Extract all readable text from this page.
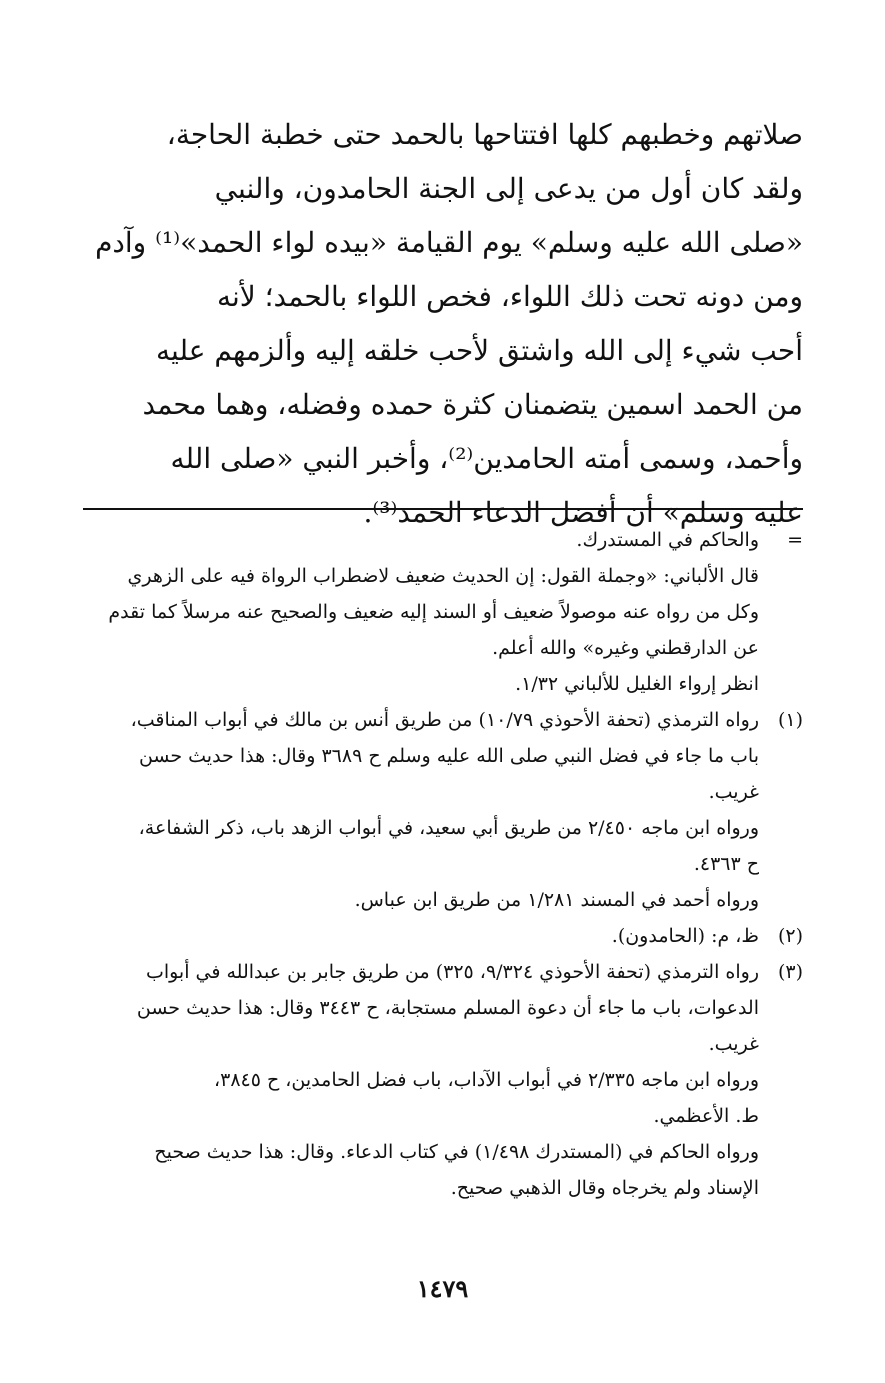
صلاتهم وخطبهم كلها افتتاحها بالحمد حتى خطبة الحاجة،
ولقد كان أول من يدعى إلى الجنة الحامدون، والنبي
«صلى الله عليه وسلم» يوم القيامة «بيده لواء الحمد»⁽¹⁾ وآدم
ومن دونه تحت ذلك اللواء، فخص اللواء بالحمد؛ لأنه
أحب شيء إلى الله واشتق لأحب خلقه إليه وألزمهم عليه
من الحمد اسمين يتضمنان كثرة حمده وفضله، وهما محمد
وأحمد، وسمى أمته الحامدين⁽²⁾، وأخبر النبي «صلى الله
عليه وسلم» أن أفضل الدعاء الحمد⁽³⁾.
=
والحاكم في المستدرك.
قال الألباني: «وجملة القول: إن الحديث ضعيف لاضطراب الرواة فيه على الزهري
وكل من رواه عنه موصولاً ضعيف أو السند إليه ضعيف والصحيح عنه مرسلاً كما تقدم
عن الدارقطني وغيره» والله أعلم.
انظر إرواء الغليل للألباني ١/٣٢.
(١)
رواه الترمذي (تحفة الأحوذي ١٠/٧٩) من طريق أنس بن مالك في أبواب المناقب،
باب ما جاء في فضل النبي صلى الله عليه وسلم ح ٣٦٨٩ وقال: هذا حديث حسن
غريب.
ورواه ابن ماجه ٢/٤٥٠ من طريق أبي سعيد، في أبواب الزهد باب، ذكر الشفاعة،
ح ٤٣٦٣.
ورواه أحمد في المسند ١/٢٨١ من طريق ابن عباس.
(٢)
ظ، م: (الحامدون).
(٣)
رواه الترمذي (تحفة الأحوذي ٩/٣٢٤، ٣٢٥) من طريق جابر بن عبدالله في أبواب
الدعوات، باب ما جاء أن دعوة المسلم مستجابة، ح ٣٤٤٣ وقال: هذا حديث حسن
غريب.
ورواه ابن ماجه ٢/٣٣٥ في أبواب الآداب، باب فضل الحامدين، ح ٣٨٤٥،
ط. الأعظمي.
ورواه الحاكم في (المستدرك ١/٤٩٨) في كتاب الدعاء. وقال: هذا حديث صحيح
الإسناد ولم يخرجاه وقال الذهبي صحيح.
١٤٧٩
